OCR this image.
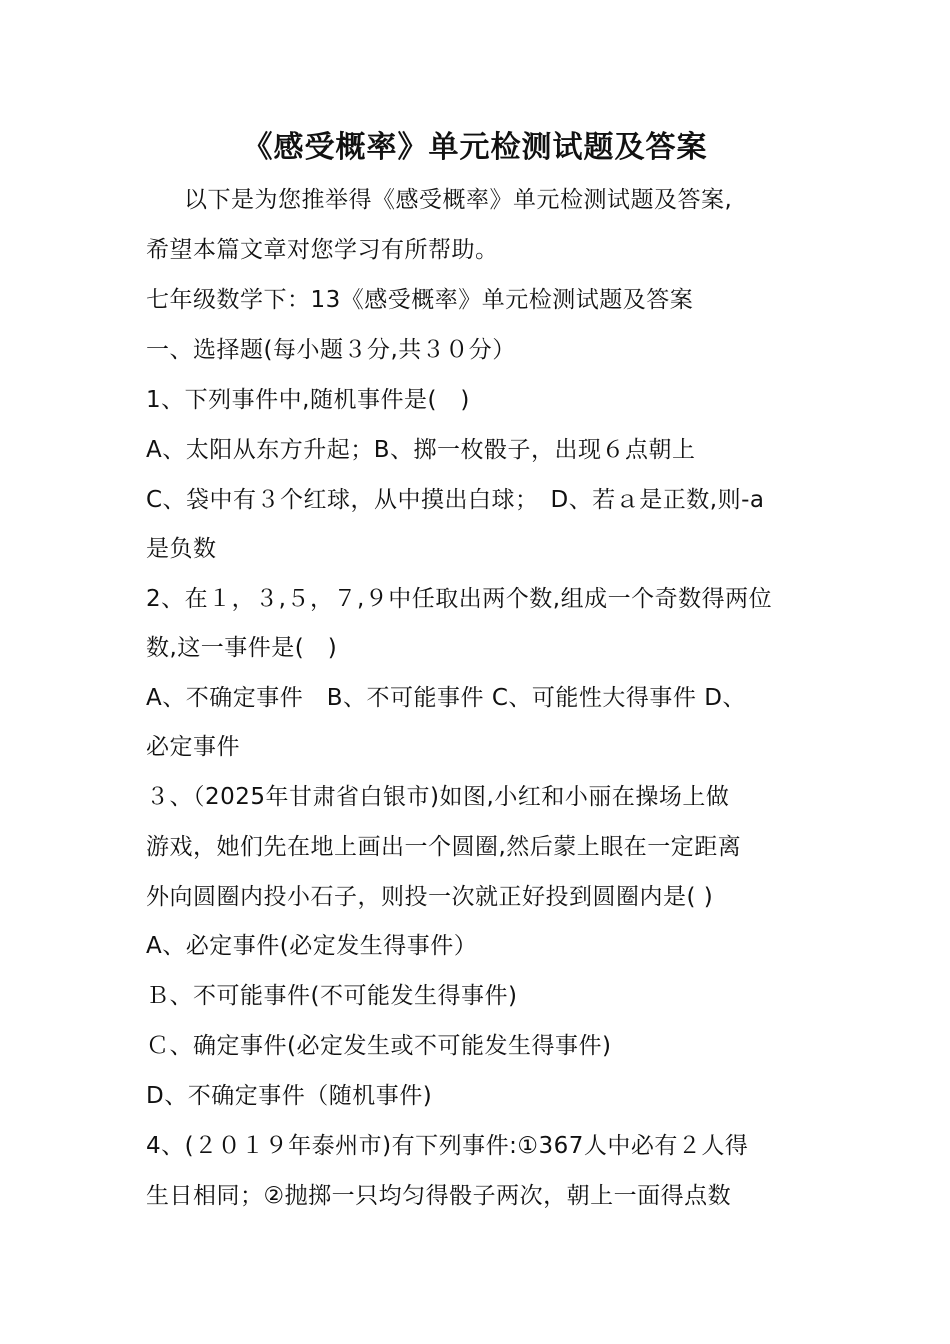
《感受概率》单元检测试题及答案
以下是为您推举得《感受概率》单元检测试题及答案,
希望本篇文章对您学习有所帮助。
七年级数学下：13《感受概率》单元检测试题及答案
一、选择题(每小题３分,共３０分）
1、下列事件中,随机事件是(　)
A、太阳从东方升起；B、掷一枚骰子，出现６点朝上
C、袋中有３个红球，从中摸出白球；　D、若ａ是正数,则-a
是负数
2、在１，３,５，７,９中任取出两个数,组成一个奇数得两位
数,这一事件是(　)
A、不确定事件　B、不可能事件 C、可能性大得事件 D、
必定事件
３、（2025年甘肃省白银市)如图,小红和小丽在操场上做
游戏，她们先在地上画出一个圆圈,然后蒙上眼在一定距离
外向圆圈内投小石子，则投一次就正好投到圆圈内是( )
A、必定事件(必定发生得事件）
Ｂ、不可能事件(不可能发生得事件)
Ｃ、确定事件(必定发生或不可能发生得事件)
D、不确定事件（随机事件)
4、(２０１９年泰州市)有下列事件:①367人中必有２人得
生日相同；②抛掷一只均匀得骰子两次，朝上一面得点数
